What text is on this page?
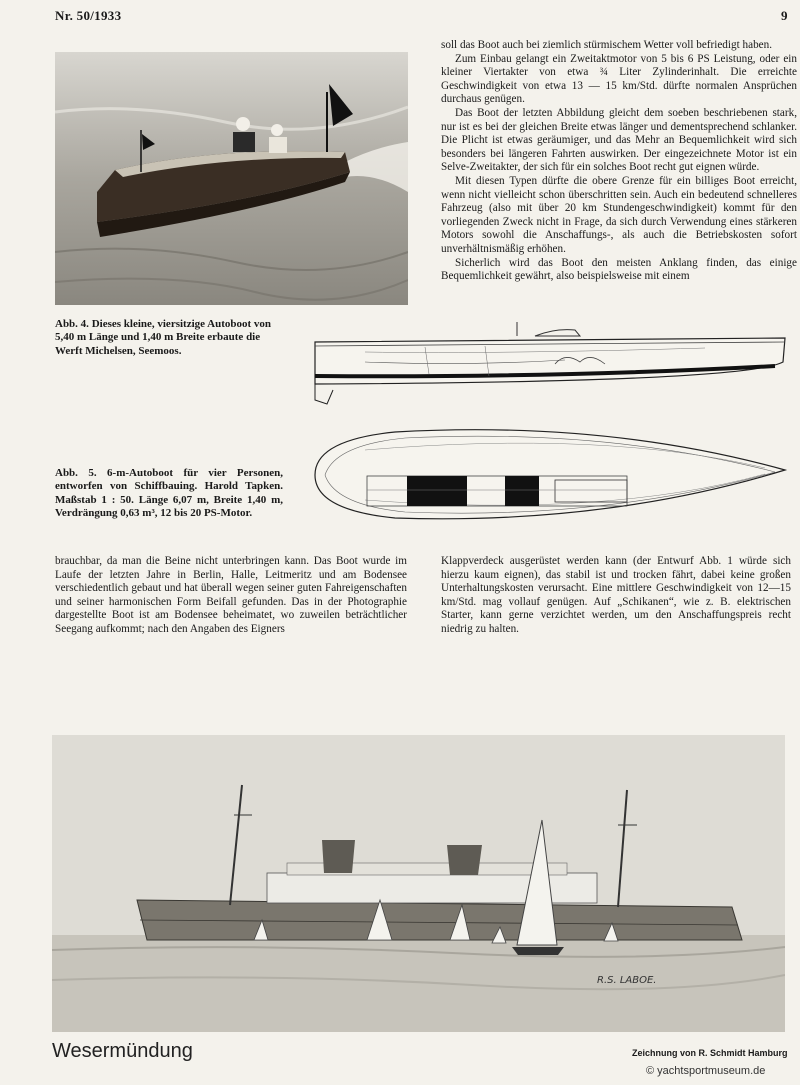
Nr. 50/1933	9

soll das Boot auch bei ziemlich stürmischem Wetter voll befriedigt haben.

Zum Einbau gelangt ein Zweitaktmotor von 5 bis 6 PS Leistung, oder ein kleiner Viertakter von etwa ¾ Liter Zylinderinhalt. Die erreichte Geschwindigkeit von etwa 13 — 15 km/Std. dürfte normalen Ansprüchen durchaus genügen.

Das Boot der letzten Abbildung gleicht dem soeben beschriebenen stark, nur ist es bei der gleichen Breite etwas länger und dementsprechend schlanker. Die Plicht ist etwas geräumiger, und das Mehr an Bequemlichkeit wird sich besonders bei längeren Fahrten auswirken. Der eingezeichnete Motor ist ein Selve-Zweitakter, der sich für ein solches Boot recht gut eignen würde.

Mit diesen Typen dürfte die obere Grenze für ein billiges Boot erreicht, wenn nicht vielleicht schon überschritten sein. Auch ein bedeutend schnelleres Fahrzeug (also mit über 20 km Stundengeschwindigkeit) kommt für den vorliegenden Zweck nicht in Frage, da sich durch Verwendung eines stärkeren Motors sowohl die Anschaffungs-, als auch die Betriebskosten sofort unverhältnismäßig erhöhen.

Sicherlich wird das Boot den meisten Anklang finden, das einige Bequemlichkeit gewährt, also beispielsweise mit einem

Abb. 4. Dieses kleine, viersitzige Autoboot von 5,40 m Länge und 1,40 m Breite erbaute die Werft Michelsen, Seemoos.
Abb. 5. 6-m-Autoboot für vier Personen, entworfen von Schiffbauing. Harold Tapken. Maßstab 1 : 50. Länge 6,07 m, Breite 1,40 m, Verdrängung 0,63 m³, 12 bis 20 PS-Motor.

brauchbar, da man die Beine nicht unterbringen kann. Das Boot wurde im Laufe der letzten Jahre in Berlin, Halle, Leitmeritz und am Bodensee verschiedentlich gebaut und hat überall wegen seiner guten Fahreigenschaften und seiner harmonischen Form Beifall gefunden. Das in der Photographie dargestellte Boot ist am Bodensee beheimatet, wo zuweilen beträchtlicher Seegang aufkommt; nach den Angaben des Eigners

Klappverdeck ausgerüstet werden kann (der Entwurf Abb. 1 würde sich hierzu kaum eignen), das stabil ist und trocken fährt, dabei keine großen Unterhaltungskosten verursacht. Eine mittlere Geschwindigkeit von 12—15 km/Std. mag vollauf genügen. Auf „Schikanen“, wie z. B. elektrischen Starter, kann gerne verzichtet werden, um den Anschaffungspreis recht niedrig zu halten.

R.S. LABOE.
Wesermündung	Zeichnung von R. Schmidt Hamburg
© yachtsportmuseum.de
